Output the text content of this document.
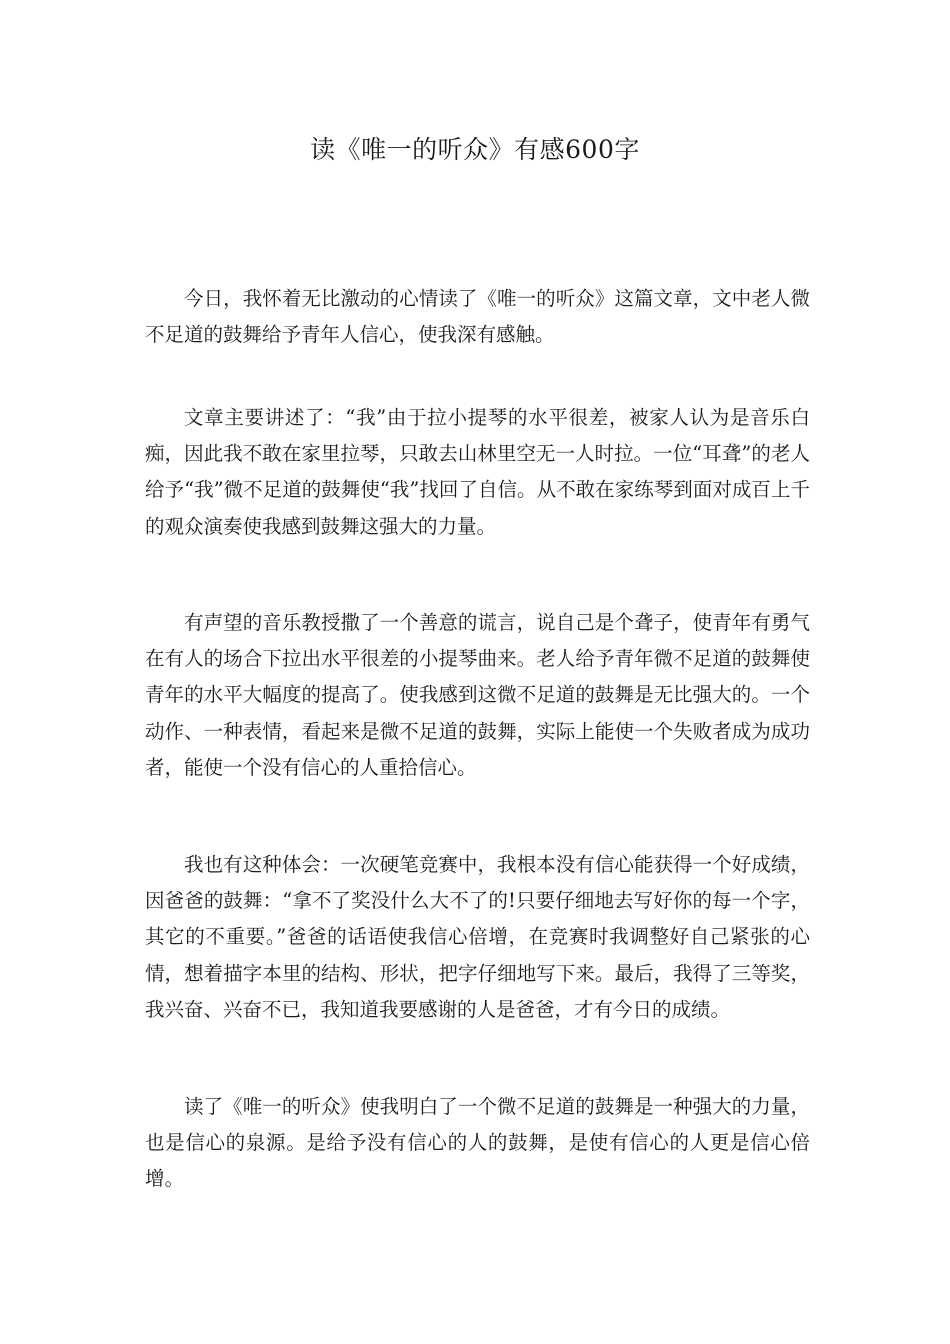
读《唯一的听众》有感600字

今日，我怀着无比激动的心情读了《唯一的听众》这篇文章，文中老人微不足道的鼓舞给予青年人信心，使我深有感触。

文章主要讲述了：“我”由于拉小提琴的水平很差，被家人认为是音乐白痴，因此我不敢在家里拉琴，只敢去山林里空无一人时拉。一位“耳聋”的老人给予“我”微不足道的鼓舞使“我”找回了自信。从不敢在家练琴到面对成百上千的观众演奏使我感到鼓舞这强大的力量。

有声望的音乐教授撒了一个善意的谎言，说自己是个聋子，使青年有勇气在有人的场合下拉出水平很差的小提琴曲来。老人给予青年微不足道的鼓舞使青年的水平大幅度的提高了。使我感到这微不足道的鼓舞是无比强大的。一个动作、一种表情，看起来是微不足道的鼓舞，实际上能使一个失败者成为成功者，能使一个没有信心的人重拾信心。

我也有这种体会：一次硬笔竞赛中，我根本没有信心能获得一个好成绩，因爸爸的鼓舞：“拿不了奖没什么大不了的!只要仔细地去写好你的每一个字，其它的不重要。”爸爸的话语使我信心倍增，在竞赛时我调整好自己紧张的心情，想着描字本里的结构、形状，把字仔细地写下来。最后，我得了三等奖，我兴奋、兴奋不已，我知道我要感谢的人是爸爸，才有今日的成绩。

读了《唯一的听众》使我明白了一个微不足道的鼓舞是一种强大的力量，也是信心的泉源。是给予没有信心的人的鼓舞，是使有信心的人更是信心倍增。
